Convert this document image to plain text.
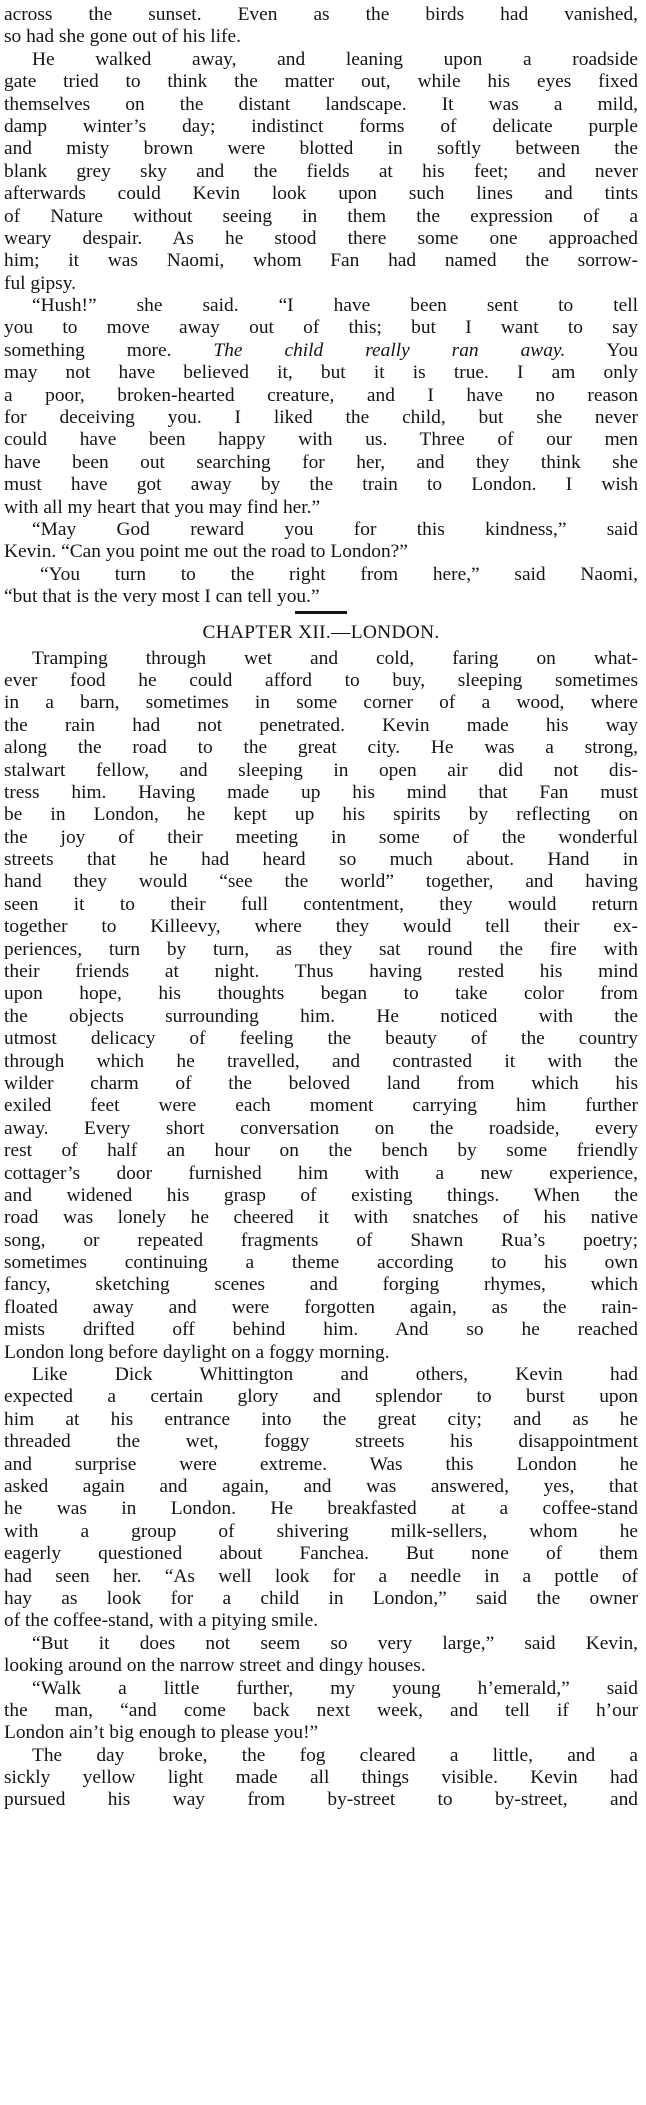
across the sunset. Even as the birds had vanished,
so had she gone out of his life.
He walked away, and leaning upon a roadside
gate tried to think the matter out, while his eyes fixed
themselves on the distant landscape. It was a mild,
damp winter’s day; indistinct forms of delicate purple
and misty brown were blotted in softly between the
blank grey sky and the fields at his feet; and never
afterwards could Kevin look upon such lines and tints
of Nature without seeing in them the expression of a
weary despair. As he stood there some one approached
him; it was Naomi, whom Fan had named the sorrow-
ful gipsy.
“Hush!” she said. “I have been sent to tell
you to move away out of this; but I want to say
something more. The child really ran away. You
may not have believed it, but it is true. I am only
a poor, broken-hearted creature, and I have no reason
for deceiving you. I liked the child, but she never
could have been happy with us. Three of our men
have been out searching for her, and they think she
must have got away by the train to London. I wish
with all my heart that you may find her.”
“May God reward you for this kindness,” said
Kevin. “Can you point me out the road to London?”
“You turn to the right from here,” said Naomi,
“but that is the very most I can tell you.”
CHAPTER XII.—LONDON.
Tramping through wet and cold, faring on what-
ever food he could afford to buy, sleeping sometimes
in a barn, sometimes in some corner of a wood, where
the rain had not penetrated. Kevin made his way
along the road to the great city. He was a strong,
stalwart fellow, and sleeping in open air did not dis-
tress him. Having made up his mind that Fan must
be in London, he kept up his spirits by reflecting on
the joy of their meeting in some of the wonderful
streets that he had heard so much about. Hand in
hand they would “see the world” together, and having
seen it to their full contentment, they would return
together to Killeevy, where they would tell their ex-
periences, turn by turn, as they sat round the fire with
their friends at night. Thus having rested his mind
upon hope, his thoughts began to take color from
the objects surrounding him. He noticed with the
utmost delicacy of feeling the beauty of the country
through which he travelled, and contrasted it with the
wilder charm of the beloved land from which his
exiled feet were each moment carrying him further
away. Every short conversation on the roadside, every
rest of half an hour on the bench by some friendly
cottager’s door furnished him with a new experience,
and widened his grasp of existing things. When the
road was lonely he cheered it with snatches of his native
song, or repeated fragments of Shawn Rua’s poetry;
sometimes continuing a theme according to his own
fancy, sketching scenes and forging rhymes, which
floated away and were forgotten again, as the rain-
mists drifted off behind him. And so he reached
London long before daylight on a foggy morning.
Like Dick Whittington and others, Kevin had
expected a certain glory and splendor to burst upon
him at his entrance into the great city; and as he
threaded the wet, foggy streets his disappointment
and surprise were extreme. Was this London he
asked again and again, and was answered, yes, that
he was in London. He breakfasted at a coffee-stand
with a group of shivering milk-sellers, whom he
eagerly questioned about Fanchea. But none of them
had seen her. “As well look for a needle in a pottle of
hay as look for a child in London,” said the owner
of the coffee-stand, with a pitying smile.
“But it does not seem so very large,” said Kevin,
looking around on the narrow street and dingy houses.
“Walk a little further, my young h’emerald,” said
the man, “and come back next week, and tell if h’our
London ain’t big enough to please you!”
The day broke, the fog cleared a little, and a
sickly yellow light made all things visible. Kevin had
pursued his way from by-street to by-street, and
